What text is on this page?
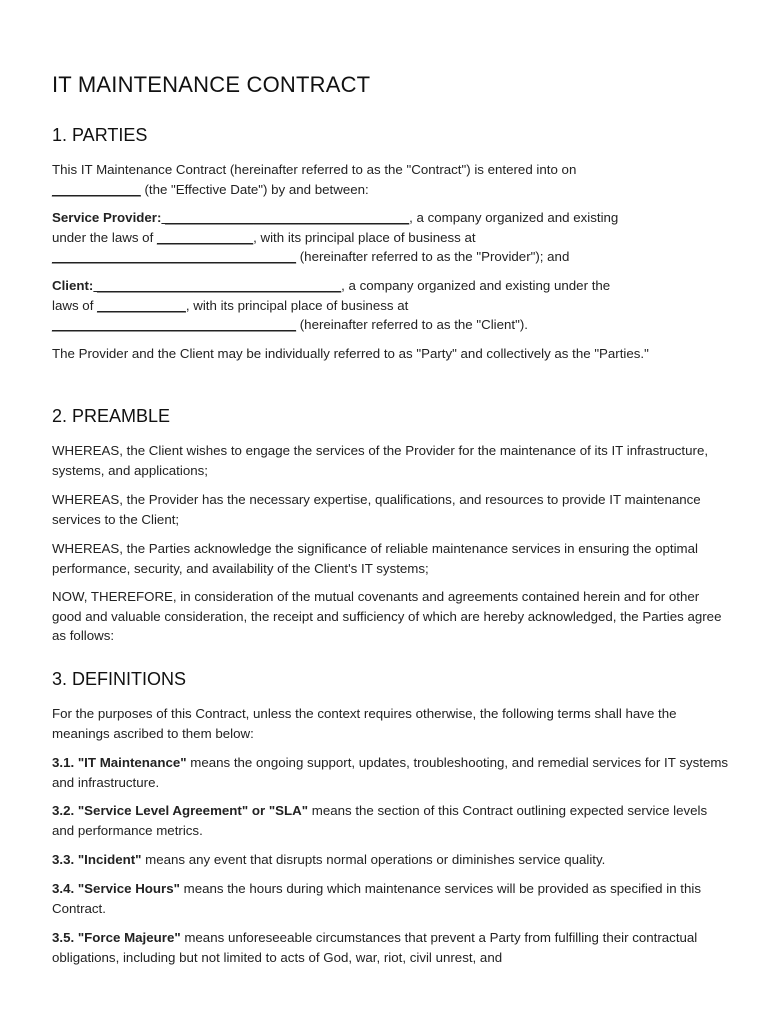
IT MAINTENANCE CONTRACT
1. PARTIES

This IT Maintenance Contract (hereinafter referred to as the "Contract") is entered into on
____________ (the "Effective Date") by and between:

Service Provider: _________________________________, a company organized and existing
under the laws of _____________, with its principal place of business at
_________________________________ (hereinafter referred to as the "Provider"); and

Client: _________________________________, a company organized and existing under the
laws of ____________, with its principal place of business at
_________________________________ (hereinafter referred to as the "Client").

The Provider and the Client may be individually referred to as "Party" and collectively as the "Parties."

2. PREAMBLE

WHEREAS, the Client wishes to engage the services of the Provider for the maintenance of its IT infrastructure, systems, and applications;

WHEREAS, the Provider has the necessary expertise, qualifications, and resources to provide IT maintenance services to the Client;

WHEREAS, the Parties acknowledge the significance of reliable maintenance services in ensuring the optimal performance, security, and availability of the Client's IT systems;

NOW, THEREFORE, in consideration of the mutual covenants and agreements contained herein and for other good and valuable consideration, the receipt and sufficiency of which are hereby acknowledged, the Parties agree as follows:

3. DEFINITIONS

For the purposes of this Contract, unless the context requires otherwise, the following terms shall have the meanings ascribed to them below:

3.1. "IT Maintenance" means the ongoing support, updates, troubleshooting, and remedial services for IT systems and infrastructure.

3.2. "Service Level Agreement" or "SLA" means the section of this Contract outlining expected service levels and performance metrics.

3.3. "Incident" means any event that disrupts normal operations or diminishes service quality.

3.4. "Service Hours" means the hours during which maintenance services will be provided as specified in this Contract.

3.5. "Force Majeure" means unforeseeable circumstances that prevent a Party from fulfilling their contractual obligations, including but not limited to acts of God, war, riot, civil unrest, and
